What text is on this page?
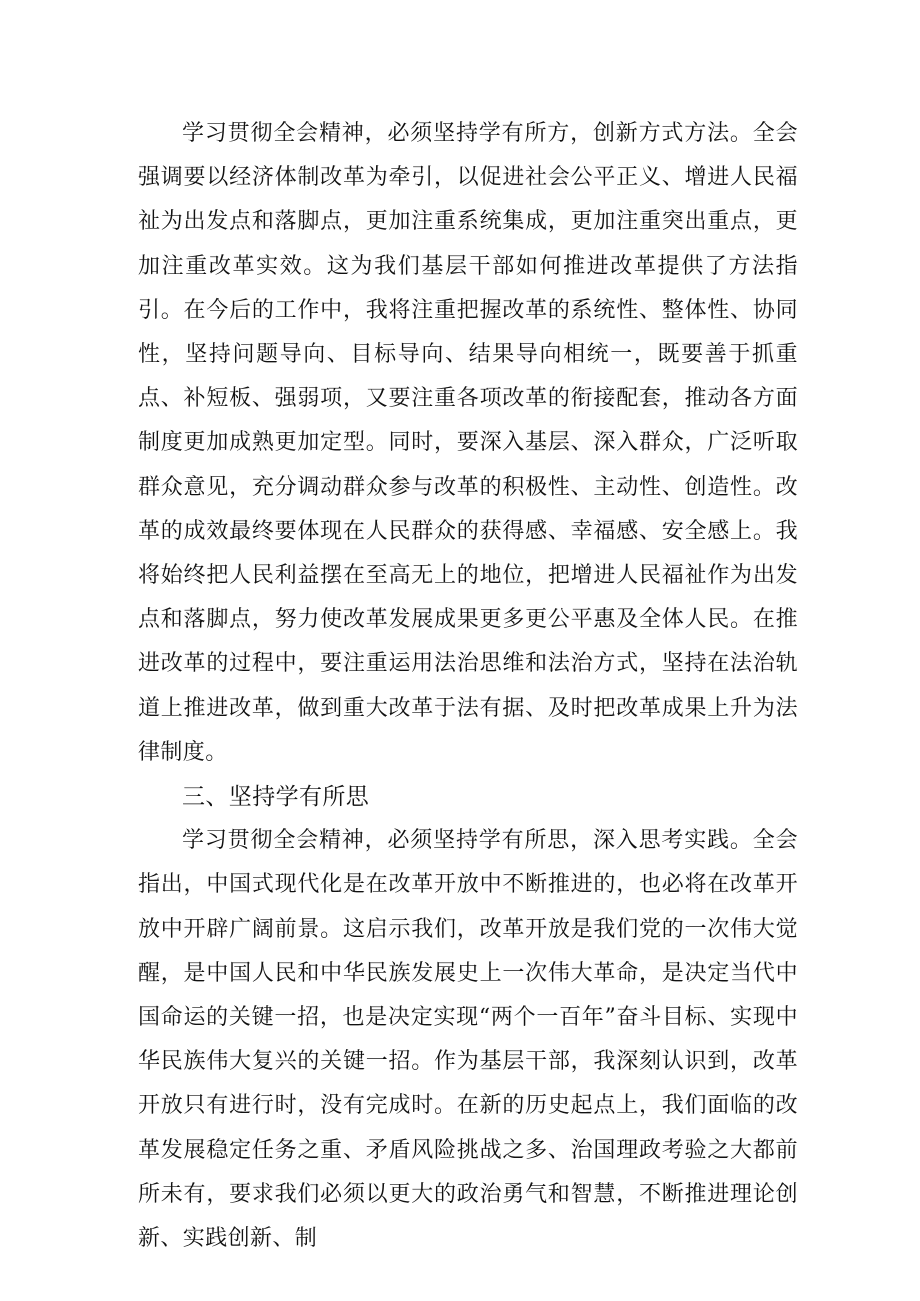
学习贯彻全会精神，必须坚持学有所方，创新方式方法。全会强调要以经济体制改革为牵引，以促进社会公平正义、增进人民福祉为出发点和落脚点，更加注重系统集成，更加注重突出重点，更加注重改革实效。这为我们基层干部如何推进改革提供了方法指引。在今后的工作中，我将注重把握改革的系统性、整体性、协同性，坚持问题导向、目标导向、结果导向相统一，既要善于抓重点、补短板、强弱项，又要注重各项改革的衔接配套，推动各方面制度更加成熟更加定型。同时，要深入基层、深入群众，广泛听取群众意见，充分调动群众参与改革的积极性、主动性、创造性。改革的成效最终要体现在人民群众的获得感、幸福感、安全感上。我将始终把人民利益摆在至高无上的地位，把增进人民福祉作为出发点和落脚点，努力使改革发展成果更多更公平惠及全体人民。在推进改革的过程中，要注重运用法治思维和法治方式，坚持在法治轨道上推进改革，做到重大改革于法有据、及时把改革成果上升为法律制度。

三、坚持学有所思

学习贯彻全会精神，必须坚持学有所思，深入思考实践。全会指出，中国式现代化是在改革开放中不断推进的，也必将在改革开放中开辟广阔前景。这启示我们，改革开放是我们党的一次伟大觉醒，是中国人民和中华民族发展史上一次伟大革命，是决定当代中国命运的关键一招，也是决定实现“两个一百年”奋斗目标、实现中华民族伟大复兴的关键一招。作为基层干部，我深刻认识到，改革开放只有进行时，没有完成时。在新的历史起点上，我们面临的改革发展稳定任务之重、矛盾风险挑战之多、治国理政考验之大都前所未有，要求我们必须以更大的政治勇气和智慧，不断推进理论创新、实践创新、制
